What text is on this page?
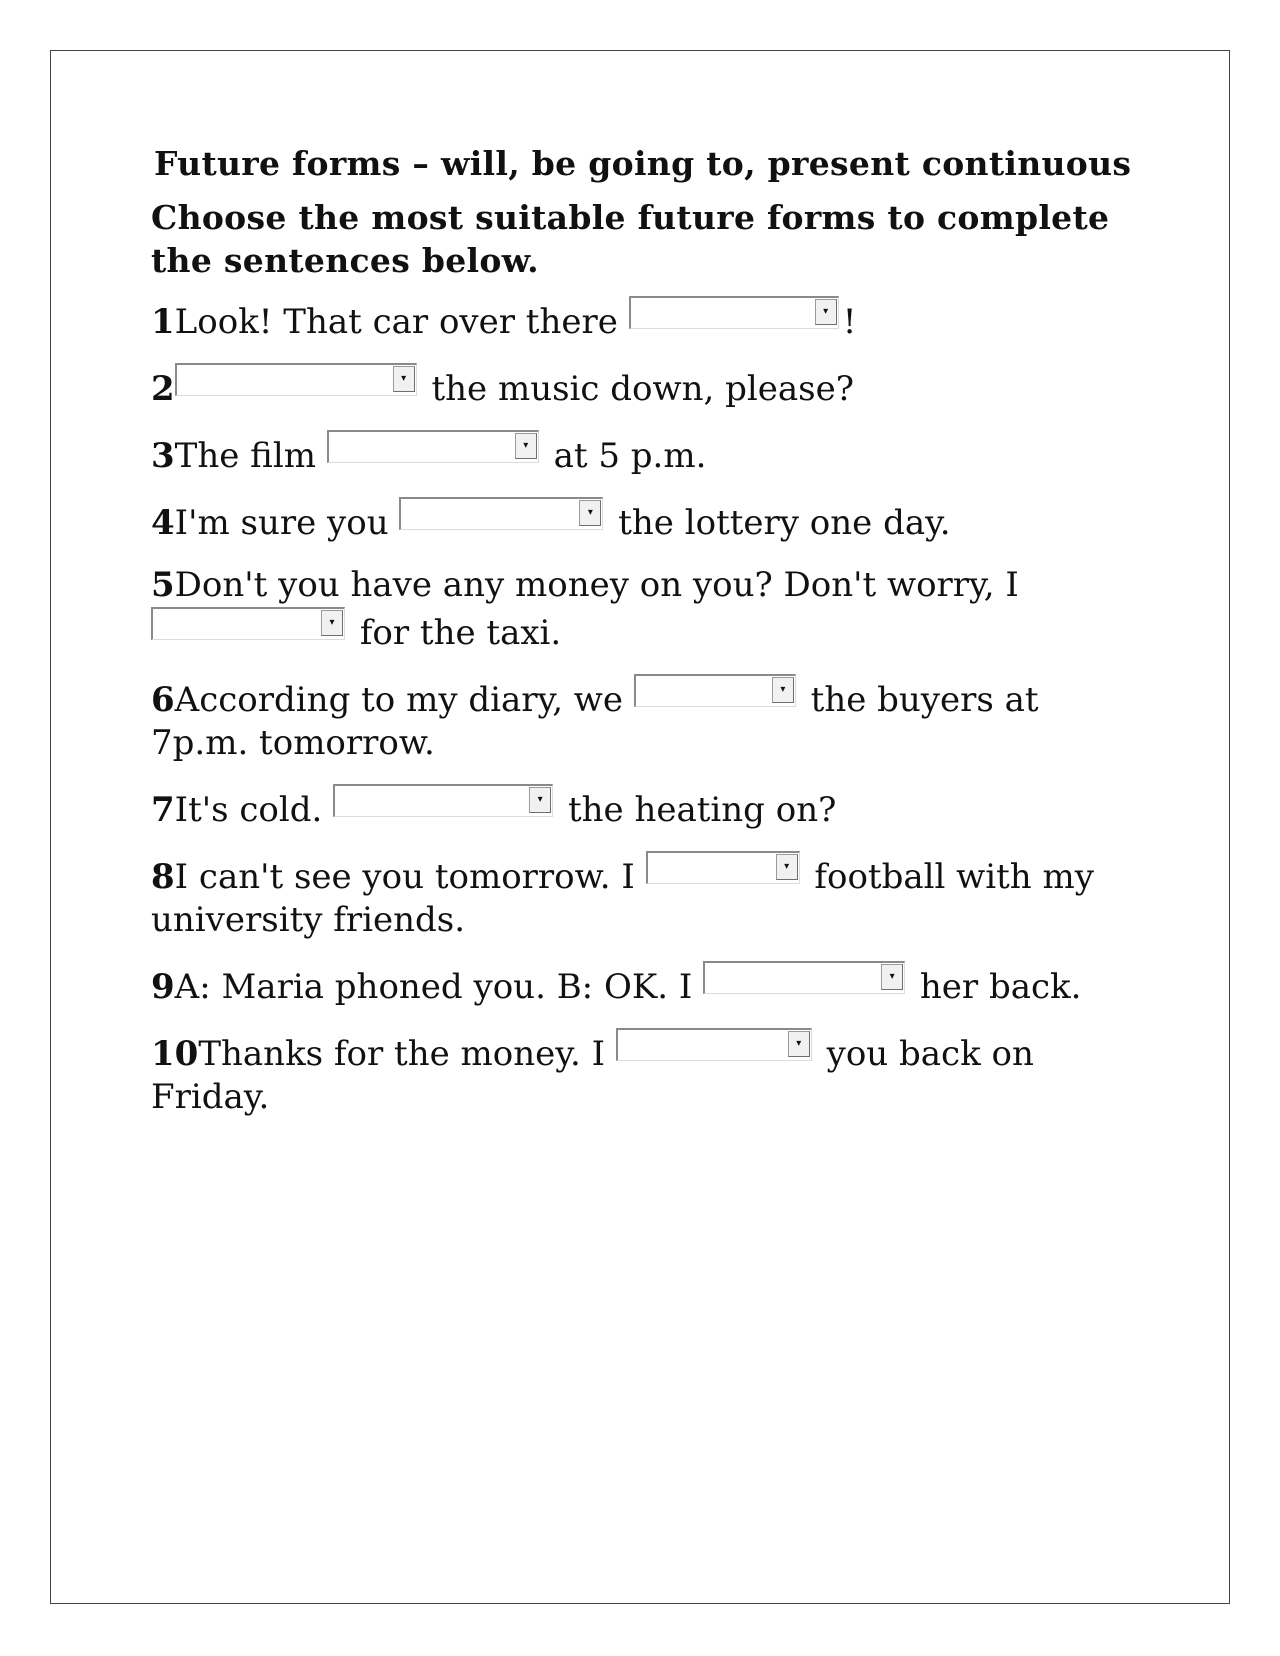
Future forms – will, be going to, present continuous
Choose the most suitable future forms to complete the sentences below.
1Look! That car over there	▾ !
2	▾ the music down, please?
3The film	▾ at 5 p.m.
4I'm sure you	▾ the lottery one day.
5Don't you have any money on you? Don't worry, I
▾ for the taxi.
6According to my diary, we	▾ the buyers at 7p.m. tomorrow.
7It's cold.	▾ the heating on?
8I can't see you tomorrow. I	▾ football with my university friends.
9A: Maria phoned you. B: OK. I	▾ her back.
10Thanks for the money. I	▾ you back on Friday.
